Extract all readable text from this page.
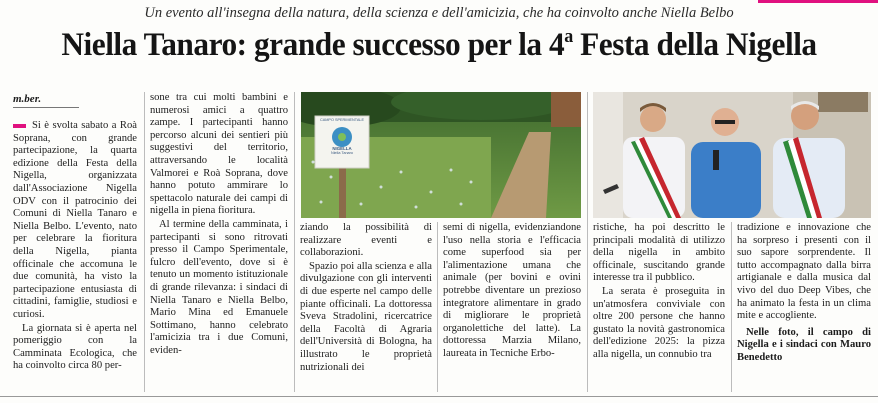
Un evento all'insegna della natura, della scienza e dell'amicizia, che ha coinvolto anche Niella Belbo
Niella Tanaro: grande successo per la 4$^a$ Festa della Nigella
m.ber.

Si è svolta sabato a Roà Soprana, con grande partecipazione, la quarta edizione della Festa della Nigella, organizzata dall'Associazione Nigella ODV con il patrocinio dei Comuni di Niella Tanaro e Niella Belbo. L'evento, nato per celebrare la fioritura della Nigella, pianta officinale che accomuna le due comunità, ha visto la partecipazione entusiasta di cittadini, famiglie, studiosi e curiosi.

La giornata si è aperta nel pomeriggio con la Camminata Ecologica, che ha coinvolto circa 80 per-

sone tra cui molti bambini e numerosi amici a quattro zampe. I partecipanti hanno percorso alcuni dei sentieri più suggestivi del territorio, attraversando le località Valmorei e Roà Soprana, dove hanno potuto ammirare lo spettacolo naturale dei campi di nigella in piena fioritura.

Al termine della camminata, i partecipanti si sono ritrovati presso il Campo Sperimentale, fulcro dell'evento, dove si è tenuto un momento istituzionale di grande rilevanza: i sindaci di Niella Tanaro e Niella Belbo, Mario Mina ed Emanuele Sottimano, hanno celebrato l'amicizia tra i due Comuni, eviden-

CAMPO SPERIMENTALE
NIGELLA
Niella Tanaro

ziando la possibilità di realizzare eventi e collaborazioni.

Spazio poi alla scienza e alla divulgazione con gli interventi di due esperte nel campo delle piante officinali. La dottoressa Sveva Stradolini, ricercatrice della Facoltà di Agraria dell'Università di Bologna, ha illustrato le proprietà nutrizionali dei

semi di nigella, evidenziandone l'uso nella storia e l'efficacia come superfood sia per l'alimentazione umana che animale (per bovini e ovini potrebbe diventare un prezioso integratore alimentare in grado di migliorare le proprietà organolettiche del latte). La dottoressa Marzia Milano, laureata in Tecniche Erbo-

ristiche, ha poi descritto le principali modalità di utilizzo della nigella in ambito officinale, suscitando grande interesse tra il pubblico.

La serata è proseguita in un'atmosfera conviviale con oltre 200 persone che hanno gustato la novità gastronomica dell'edizione 2025: la pizza alla nigella, un connubio tra

tradizione e innovazione che ha sorpreso i presenti con il suo sapore sorprendente. Il tutto accompagnato dalla birra artigianale e dalla musica dal vivo del duo Deep Vibes, che ha animato la festa in un clima mite e accogliente.

Nelle foto, il campo di Nigella e i sindaci con Mauro Benedetto
